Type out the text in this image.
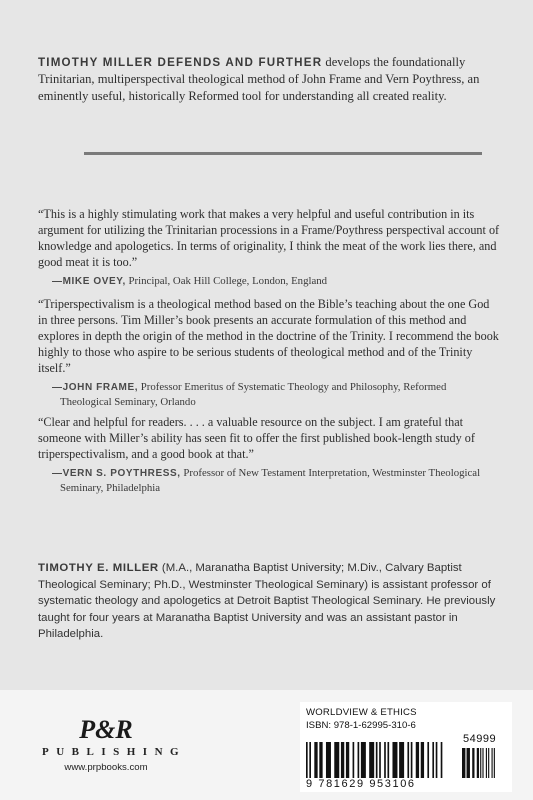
TIMOTHY MILLER DEFENDS AND FURTHER develops the foundationally Trinitarian, multiperspectival theological method of John Frame and Vern Poythress, an eminently useful, historically Reformed tool for understanding all created reality.

“This is a highly stimulating work that makes a very helpful and useful contribution in its argument for utilizing the Trinitarian processions in a Frame/Poythress perspectival account of knowledge and apologetics. In terms of originality, I think the meat of the work lies there, and good meat it is too.”
—MIKE OVEY, Principal, Oak Hill College, London, England
“Triperspectivalism is a theological method based on the Bible’s teaching about the one God in three persons. Tim Miller’s book presents an accurate formulation of this method and explores in depth the origin of the method in the doctrine of the Trinity. I recommend the book highly to those who aspire to be serious students of theological method and of the Trinity itself.”
—JOHN FRAME, Professor Emeritus of Systematic Theology and Philosophy, Reformed Theological Seminary, Orlando
“Clear and helpful for readers. . . . a valuable resource on the subject. I am grateful that someone with Miller’s ability has seen fit to offer the first published book-length study of triperspectivalism, and a good book at that.”
—VERN S. POYTHRESS, Professor of New Testament Interpretation, Westminster Theological Seminary, Philadelphia

TIMOTHY E. MILLER (M.A., Maranatha Baptist University; M.Div., Calvary Baptist Theological Seminary; Ph.D., Westminster Theological Seminary) is assistant professor of systematic theology and apologetics at Detroit Baptist Theological Seminary. He previously taught for four years at Maranatha Baptist University and was an assistant pastor in Philadelphia.

P&R
PUBLISHING
www.prpbooks.com
WORLDVIEW & ETHICS
ISBN: 978-1-62995-310-6
54999
9 781629 953106
